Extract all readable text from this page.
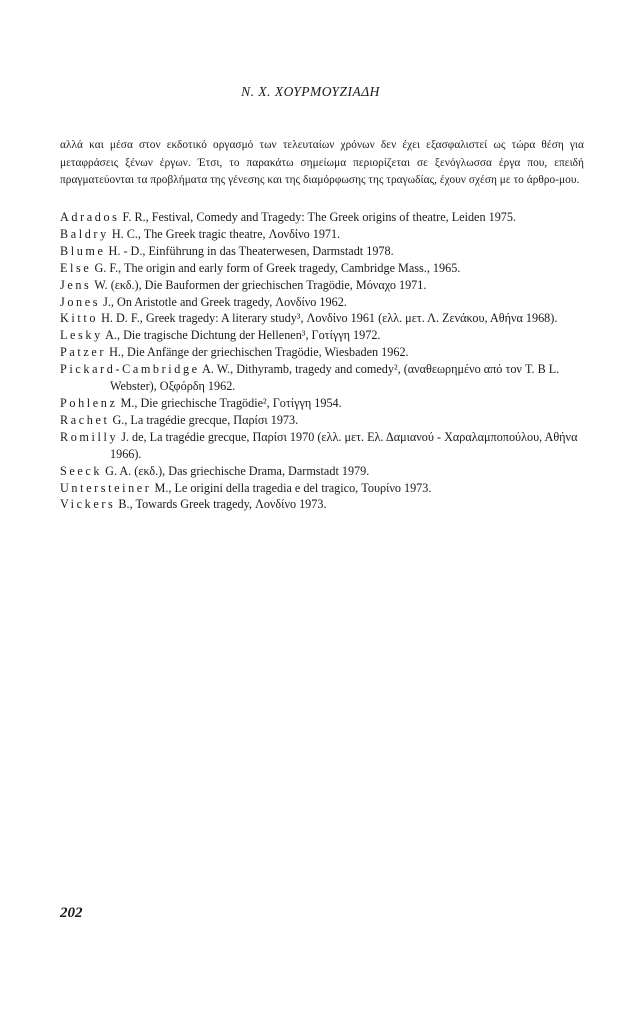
Ν. Χ. ΧΟΥΡΜΟΥΖΙΑΔΗ

αλλά και μέσα στον εκδοτικό οργασμό των τελευταίων χρόνων δεν έχει εξασφαλιστεί ως τώρα θέση για μεταφράσεις ξένων έργων. Έτσι, το παρακάτω σημείωμα περιορίζεται σε ξενόγλωσσα έργα που, επειδή πραγματεύονται τα προβλήματα της γένεσης και της διαμόρφωσης της τραγωδίας, έχουν σχέση με το άρθρο-μου.

Adrados F. R., Festival, Comedy and Tragedy: The Greek origins of theatre, Leiden 1975.
Baldry H. C., The Greek tragic theatre, Λονδίνο 1971.
Blume H. - D., Einführung in das Theaterwesen, Darmstadt 1978.
Else G. F., The origin and early form of Greek tragedy, Cambridge Mass., 1965.
Jens W. (εκδ.), Die Bauformen der griechischen Tragödie, Μόναχο 1971.
Jones J., On Aristotle and Greek tragedy, Λονδίνο 1962.
Kitto H. D. F., Greek tragedy: A literary study³, Λονδίνο 1961 (ελλ. μετ. Λ. Ζενάκου, Αθήνα 1968).
Lesky A., Die tragische Dichtung der Hellenen³, Γοτίγγη 1972.
Patzer H., Die Anfänge der griechischen Tragödie, Wiesbaden 1962.
Pickard-Cambridge A. W., Dithyramb, tragedy and comedy², (αναθεωρημένο από τον T. B L. Webster), Οξφόρδη 1962.
Pohlenz M., Die griechische Tragödie², Γοτίγγη 1954.
Rachet G., La tragédie grecque, Παρίσι 1973.
Romilly J. de, La tragédie grecque, Παρίσι 1970 (ελλ. μετ. Ελ. Δαμιανού - Χαραλαμποπούλου, Αθήνα 1966).
Seeck G. A. (εκδ.), Das griechische Drama, Darmstadt 1979.
Untersteiner M., Le origini della tragedia e del tragico, Τουρίνο 1973.
Vickers B., Towards Greek tragedy, Λονδίνο 1973.
202
